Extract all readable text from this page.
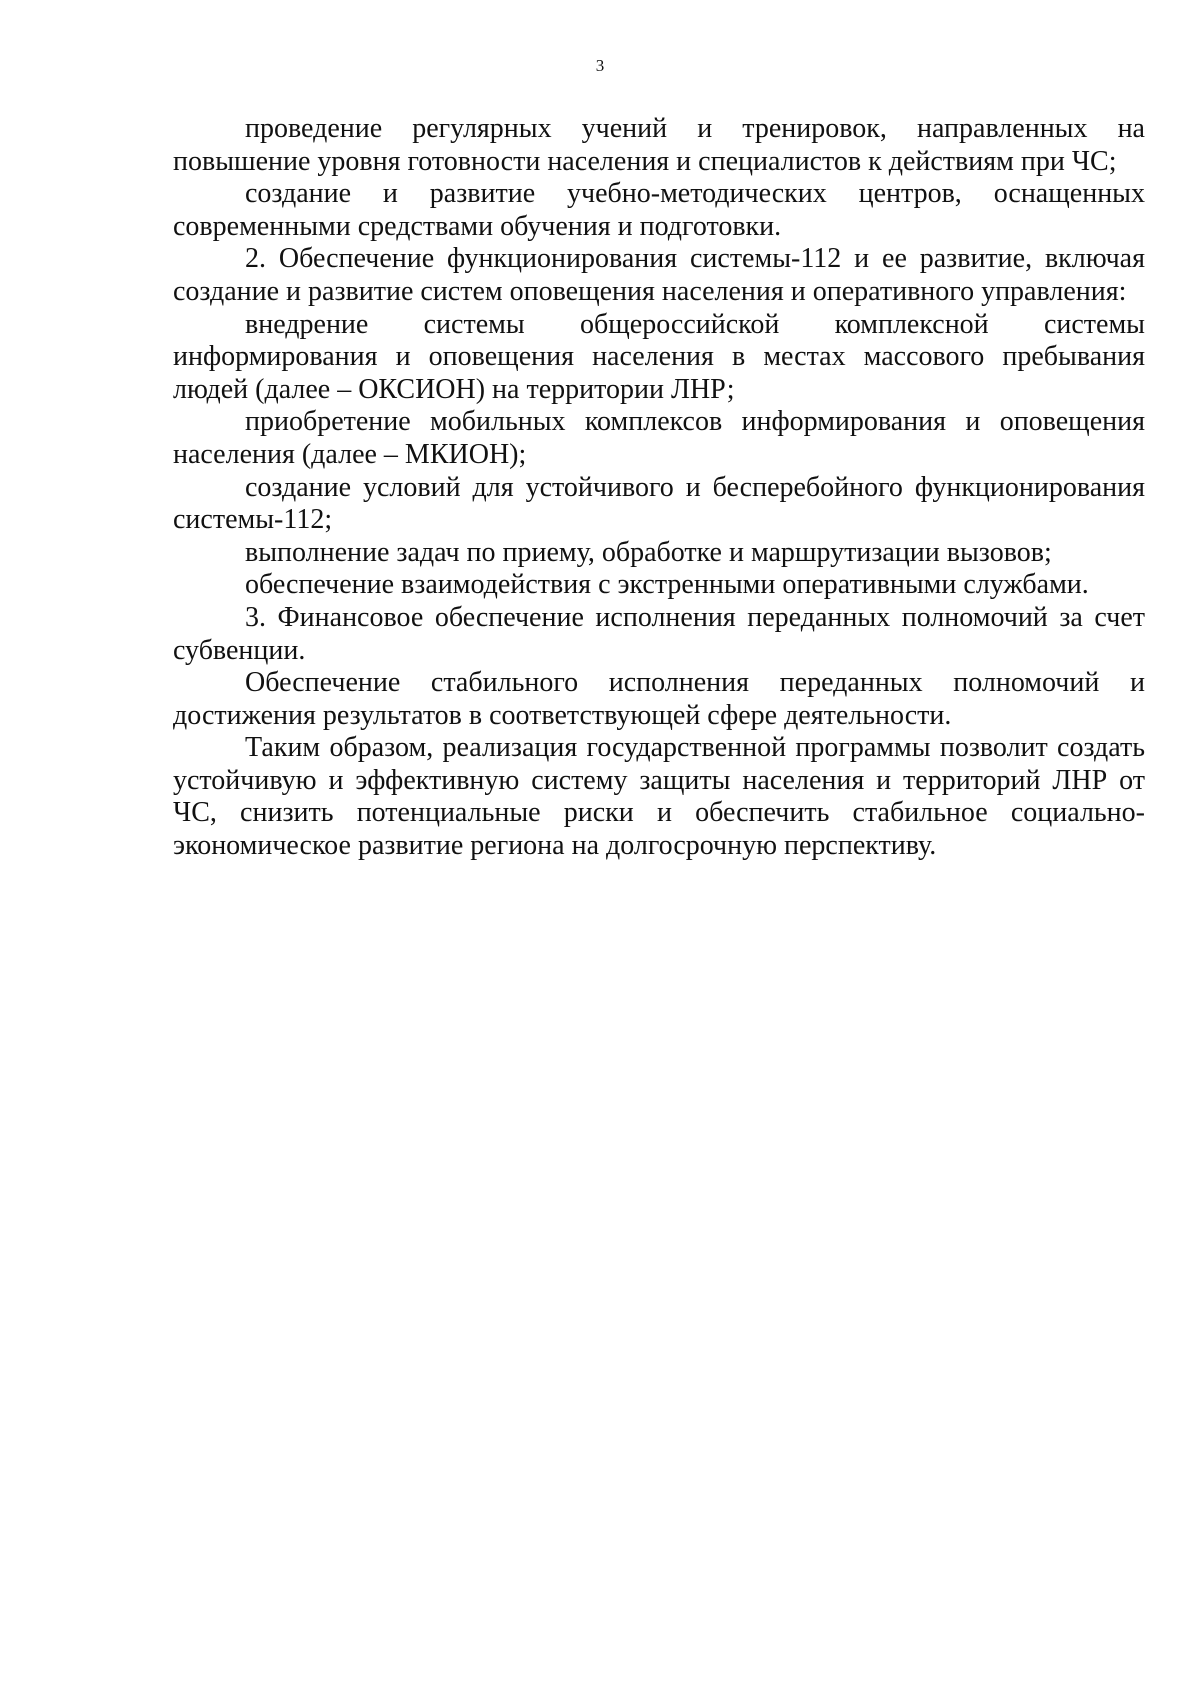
3

проведение регулярных учений и тренировок, направленных на повышение уровня готовности населения и специалистов к действиям при ЧС;

создание и развитие учебно-методических центров, оснащенных современными средствами обучения и подготовки.

2. Обеспечение функционирования системы-112 и ее развитие, включая создание и развитие систем оповещения населения и оперативного управления:

внедрение системы общероссийской комплексной системы информирования и оповещения населения в местах массового пребывания людей (далее – ОКСИОН) на территории ЛНР;

приобретение мобильных комплексов информирования и оповещения населения (далее – МКИОН);

создание условий для устойчивого и бесперебойного функционирования системы-112;

выполнение задач по приему, обработке и маршрутизации вызовов;

обеспечение взаимодействия с экстренными оперативными службами.

3. Финансовое обеспечение исполнения переданных полномочий за счет субвенции.

Обеспечение стабильного исполнения переданных полномочий и достижения результатов в соответствующей сфере деятельности.

Таким образом, реализация государственной программы позволит создать устойчивую и эффективную систему защиты населения и территорий ЛНР от ЧС, снизить потенциальные риски и обеспечить стабильное социально-экономическое развитие региона на долгосрочную перспективу.
